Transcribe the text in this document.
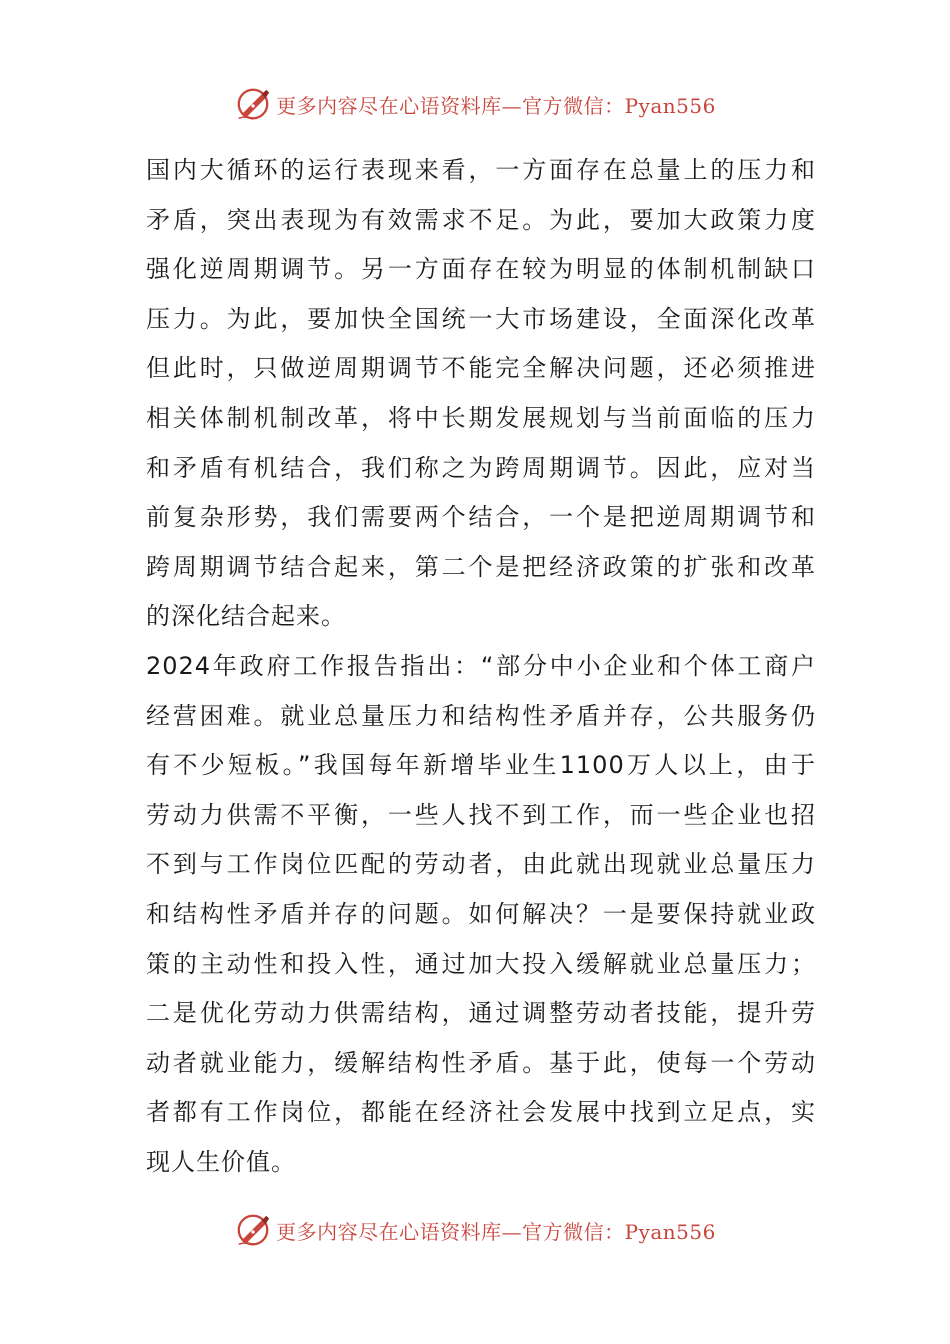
更多内容尽在心语资料库—官方微信：Pyan556
国内大循环的运行表现来看，一方面存在总量上的压力和
矛盾，突出表现为有效需求不足。为此，要加大政策力度
强化逆周期调节。另一方面存在较为明显的体制机制缺口
压力。为此，要加快全国统一大市场建设，全面深化改革
但此时，只做逆周期调节不能完全解决问题，还必须推进
相关体制机制改革，将中长期发展规划与当前面临的压力
和矛盾有机结合，我们称之为跨周期调节。因此，应对当
前复杂形势，我们需要两个结合，一个是把逆周期调节和
跨周期调节结合起来，第二个是把经济政策的扩张和改革
的深化结合起来。
2024年政府工作报告指出：“部分中小企业和个体工商户
经营困难。就业总量压力和结构性矛盾并存，公共服务仍
有不少短板。”我国每年新增毕业生1100万人以上，由于
劳动力供需不平衡，一些人找不到工作，而一些企业也招
不到与工作岗位匹配的劳动者，由此就出现就业总量压力
和结构性矛盾并存的问题。如何解决？一是要保持就业政
策的主动性和投入性，通过加大投入缓解就业总量压力；
二是优化劳动力供需结构，通过调整劳动者技能，提升劳
动者就业能力，缓解结构性矛盾。基于此，使每一个劳动
者都有工作岗位，都能在经济社会发展中找到立足点，实
现人生价值。
更多内容尽在心语资料库—官方微信：Pyan556
